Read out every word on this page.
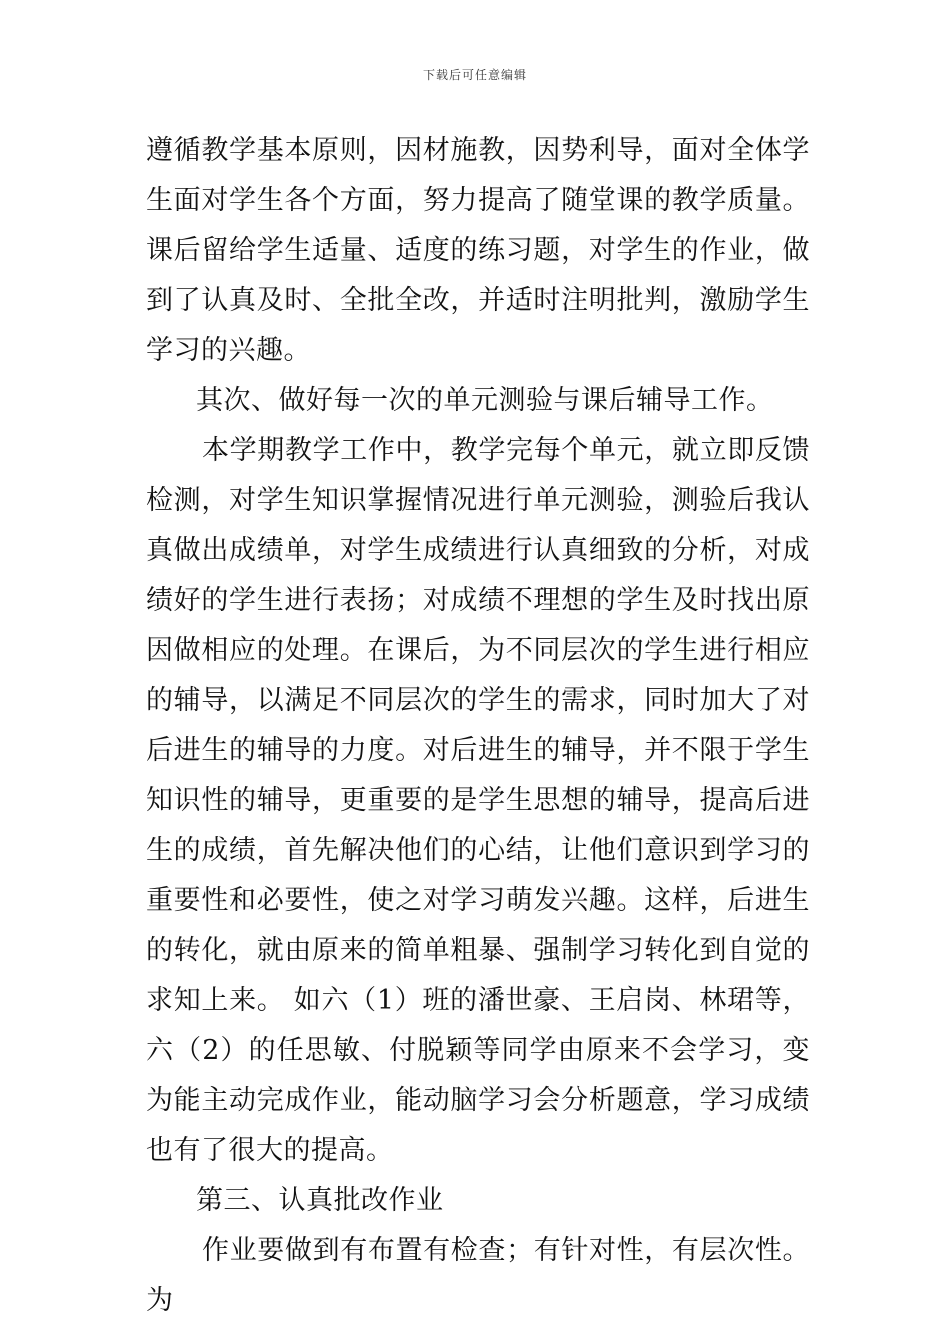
下载后可任意编辑

遵循教学基本原则，因材施教，因势利导，面对全体学生面对学生各个方面，努力提高了随堂课的教学质量。课后留给学生适量、适度的练习题，对学生的作业，做到了认真及时、全批全改，并适时注明批判，激励学生学习的兴趣。

其次、做好每一次的单元测验与课后辅导工作。

本学期教学工作中，教学完每个单元，就立即反馈检测，对学生知识掌握情况进行单元测验，测验后我认真做出成绩单，对学生成绩进行认真细致的分析，对成绩好的学生进行表扬；对成绩不理想的学生及时找出原因做相应的处理。在课后，为不同层次的学生进行相应的辅导，以满足不同层次的学生的需求，同时加大了对后进生的辅导的力度。对后进生的辅导，并不限于学生知识性的辅导，更重要的是学生思想的辅导，提高后进生的成绩，首先解决他们的心结，让他们意识到学习的重要性和必要性，使之对学习萌发兴趣。这样，后进生的转化，就由原来的简单粗暴、强制学习转化到自觉的求知上来。 如六（1）班的潘世豪、王启岗、林珺等，六（2）的任思敏、付脱颖等同学由原来不会学习，变为能主动完成作业，能动脑学习会分析题意，学习成绩也有了很大的提高。

第三、认真批改作业

作业要做到有布置有检查；有针对性，有层次性。为
